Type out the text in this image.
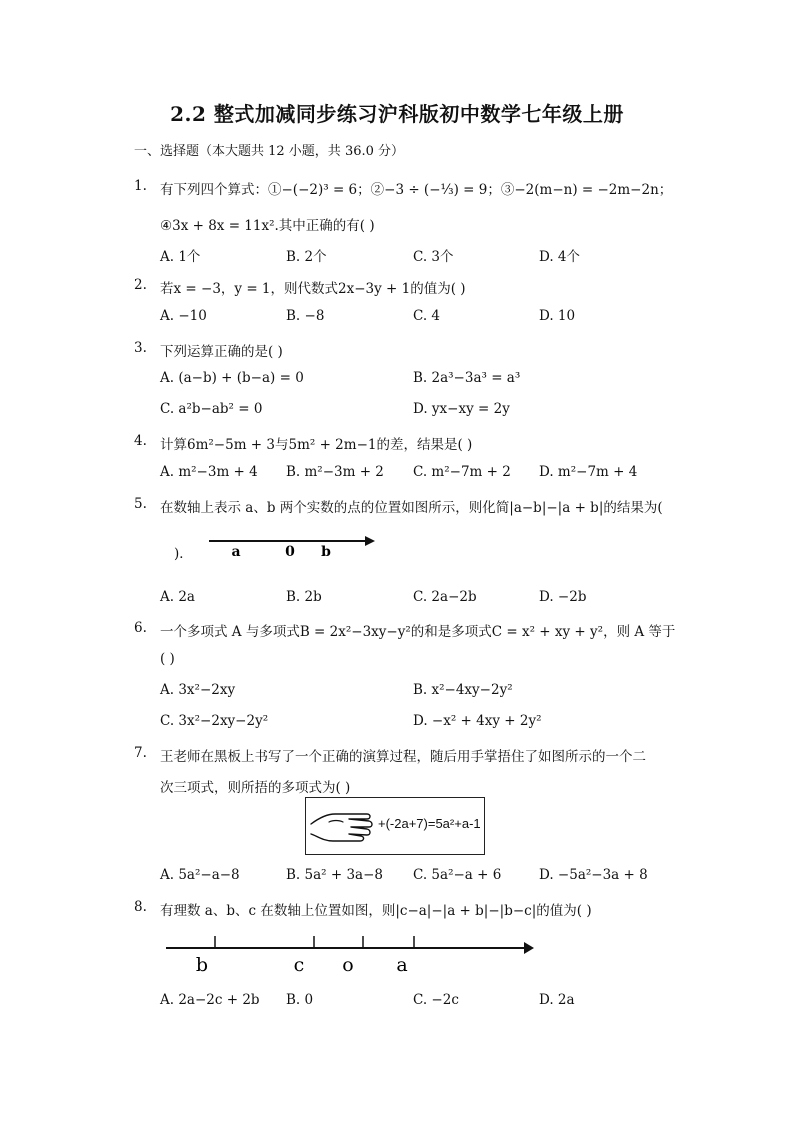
2.2 整式加减同步练习沪科版初中数学七年级上册
一、选择题（本大题共 12 小题，共 36.0 分）
1. 有下列四个算式：①−(−2)³ = 6；②−3 ÷ (−⅓) = 9；③−2(m−n) = −2m−2n；
④3x + 8x = 11x².其中正确的有( )
A. 1个	B. 2个	C. 3个	D. 4个
2. 若x = −3，y = 1，则代数式2x−3y + 1的值为( )
A. −10	B. −8	C. 4	D. 10
3. 下列运算正确的是( )
A. (a−b) + (b−a) = 0	B. 2a³−3a³ = a³
C. a²b−ab² = 0	D. yx−xy = 2y
4. 计算6m²−5m + 3与5m² + 2m−1的差，结果是( )
A. m²−3m + 4 B. m²−3m + 2 C. m²−7m + 2 D. m²−7m + 4
5. 在数轴上表示 a、b 两个实数的点的位置如图所示，则化简|a−b|−|a + b|的结果为(
)．	a	0 b
A. 2a	B. 2b	C. 2a−2b	D. −2b
6. 一个多项式 A 与多项式B = 2x²−3xy−y²的和是多项式C = x² + xy + y²，则 A 等于
( )
A. 3x²−2xy	B. x²−4xy−2y²
C. 3x²−2xy−2y²	D. −x² + 4xy + 2y²
7. 王老师在黑板上书写了一个正确的演算过程，随后用手掌捂住了如图所示的一个二
次三项式，则所捂的多项式为( )
+(-2a+7)=5a²+a-1
A. 5a²−a−8	B. 5a² + 3a−8 C. 5a²−a + 6	D. −5a²−3a + 8
8. 有理数 a、b、c 在数轴上位置如图，则|c−a|−|a + b|−|b−c|的值为( )
b	c o a
A. 2a−2c + 2b B. 0	C. −2c	D. 2a
